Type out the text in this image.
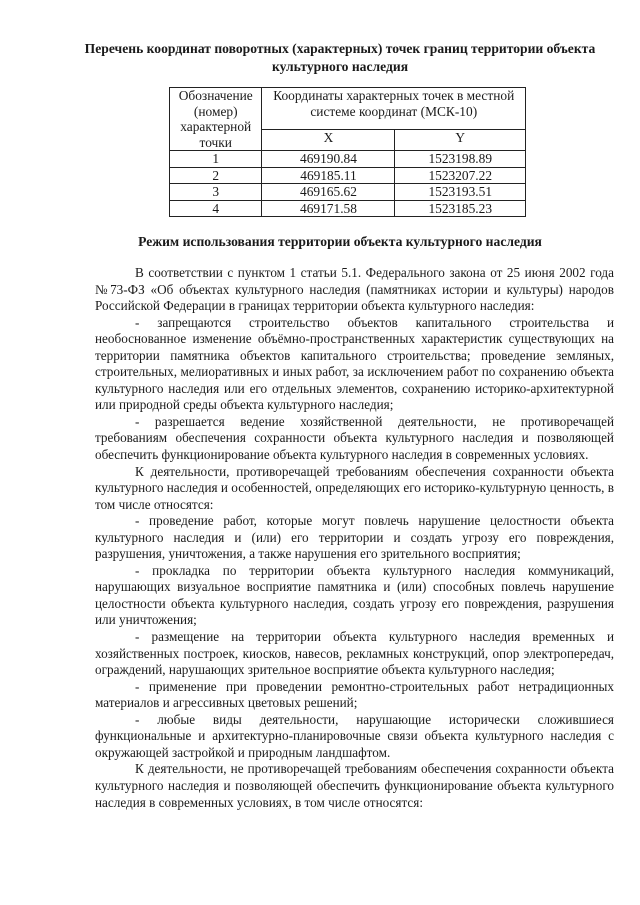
Перечень координат поворотных (характерных) точек границ территории объекта культурного наследия
Обозначение (номер) характерной точки	Координаты характерных точек в местной системе координат (МСК-10)	
	X	Y
1	469190.84	1523198.89
2	469185.11	1523207.22
3	469165.62	1523193.51
4	469171.58	1523185.23
Режим использования территории объекта культурного наследия

В соответствии с пунктом 1 статьи 5.1. Федерального закона от 25 июня 2002 года №73-ФЗ «Об объектах культурного наследия (памятниках истории и культуры) народов Российской Федерации в границах территории объекта культурного наследия:

- запрещаются строительство объектов капитального строительства и необоснованное изменение объёмно-пространственных характеристик существующих на территории памятника объектов капитального строительства; проведение земляных, строительных, мелиоративных и иных работ, за исключением работ по сохранению объекта культурного наследия или его отдельных элементов, сохранению историко-архитектурной или природной среды объекта культурного наследия;

- разрешается ведение хозяйственной деятельности, не противоречащей требованиям обеспечения сохранности объекта культурного наследия и позволяющей обеспечить функционирование объекта культурного наследия в современных условиях.

К деятельности, противоречащей требованиям обеспечения сохранности объекта культурного наследия и особенностей, определяющих его историко-культурную ценность, в том числе относятся:

- проведение работ, которые могут повлечь нарушение целостности объекта культурного наследия и (или) его территории и создать угрозу его повреждения, разрушения, уничтожения, а также нарушения его зрительного восприятия;

- прокладка по территории объекта культурного наследия коммуникаций, нарушающих визуальное восприятие памятника и (или) способных повлечь нарушение целостности объекта культурного наследия, создать угрозу его повреждения, разрушения или уничтожения;

- размещение на территории объекта культурного наследия временных и хозяйственных построек, киосков, навесов, рекламных конструкций, опор электропередач, ограждений, нарушающих зрительное восприятие объекта культурного наследия;

- применение при проведении ремонтно-строительных работ нетрадиционных материалов и агрессивных цветовых решений;

- любые виды деятельности, нарушающие исторически сложившиеся функциональные и архитектурно-планировочные связи объекта культурного наследия с окружающей застройкой и природным ландшафтом.

К деятельности, не противоречащей требованиям обеспечения сохранности объекта культурного наследия и позволяющей обеспечить функционирование объекта культурного наследия в современных условиях, в том числе относятся:
